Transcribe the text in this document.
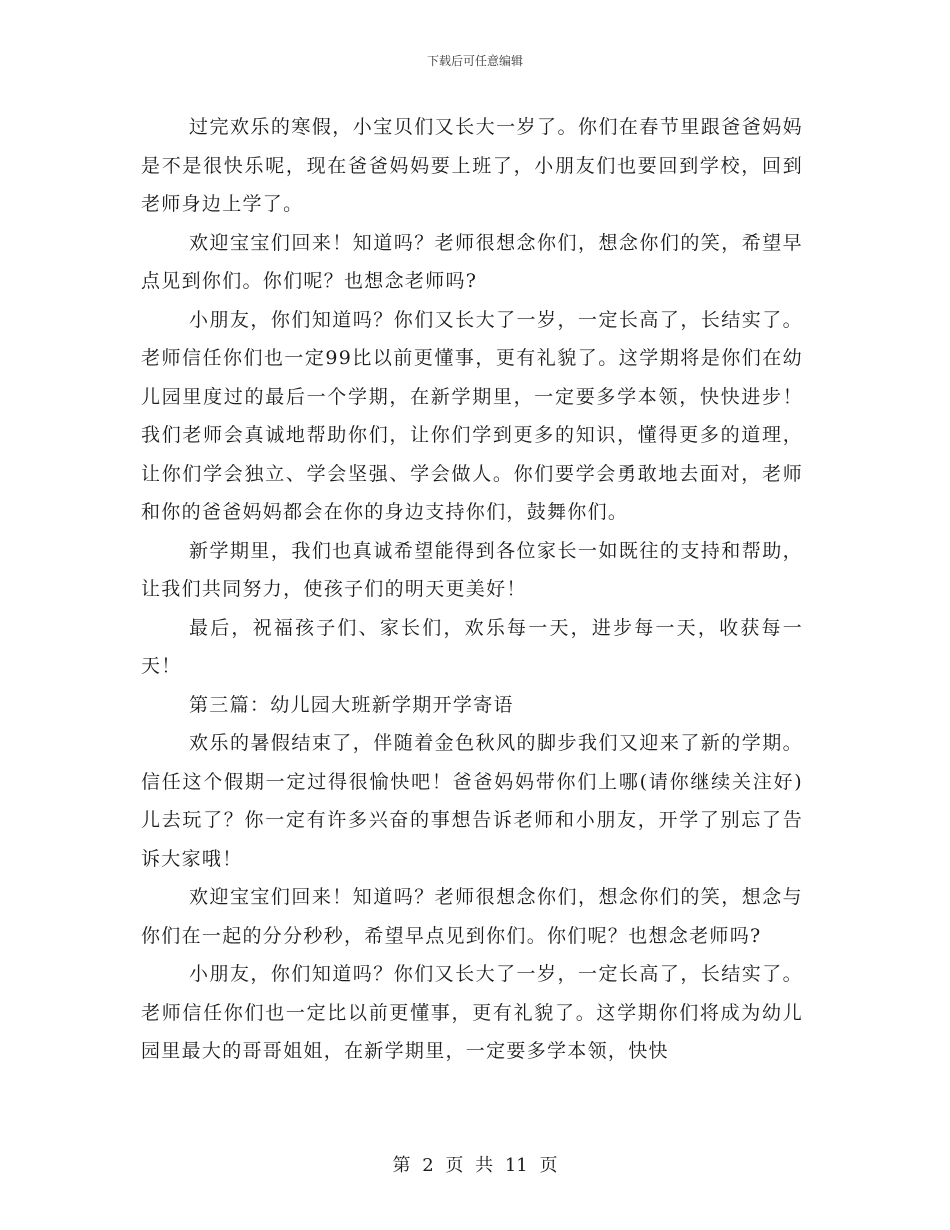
下载后可任意编辑

过完欢乐的寒假，小宝贝们又长大一岁了。你们在春节里跟爸爸妈妈是不是很快乐呢，现在爸爸妈妈要上班了，小朋友们也要回到学校，回到老师身边上学了。

欢迎宝宝们回来！知道吗？老师很想念你们，想念你们的笑，希望早点见到你们。你们呢？也想念老师吗?

小朋友，你们知道吗？你们又长大了一岁，一定长高了，长结实了。老师信任你们也一定99比以前更懂事，更有礼貌了。这学期将是你们在幼儿园里度过的最后一个学期，在新学期里，一定要多学本领，快快进步！我们老师会真诚地帮助你们，让你们学到更多的知识，懂得更多的道理，让你们学会独立、学会坚强、学会做人。你们要学会勇敢地去面对，老师和你的爸爸妈妈都会在你的身边支持你们，鼓舞你们。

新学期里，我们也真诚希望能得到各位家长一如既往的支持和帮助，让我们共同努力，使孩子们的明天更美好！

最后，祝福孩子们、家长们，欢乐每一天，进步每一天，收获每一天！

第三篇：幼儿园大班新学期开学寄语

欢乐的暑假结束了，伴随着金色秋风的脚步我们又迎来了新的学期。信任这个假期一定过得很愉快吧！爸爸妈妈带你们上哪(请你继续关注好)儿去玩了？你一定有许多兴奋的事想告诉老师和小朋友，开学了别忘了告诉大家哦！

欢迎宝宝们回来！知道吗？老师很想念你们，想念你们的笑，想念与你们在一起的分分秒秒，希望早点见到你们。你们呢？也想念老师吗?

小朋友，你们知道吗？你们又长大了一岁，一定长高了，长结实了。老师信任你们也一定比以前更懂事，更有礼貌了。这学期你们将成为幼儿园里最大的哥哥姐姐，在新学期里，一定要多学本领，快快

第 2 页 共 11 页
